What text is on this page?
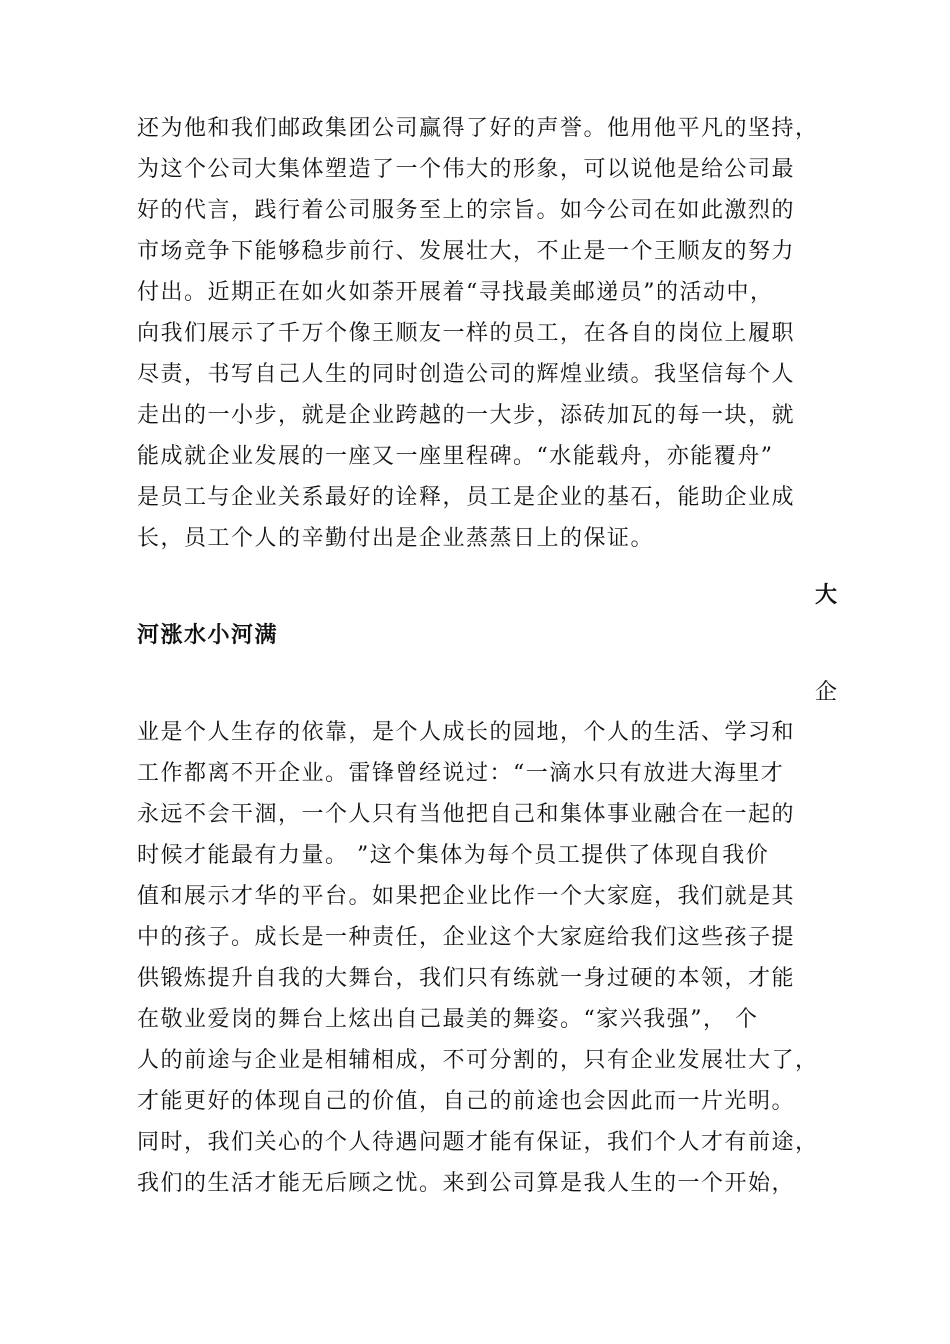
还为他和我们邮政集团公司赢得了好的声誉。他用他平凡的坚持，

为这个公司大集体塑造了一个伟大的形象，可以说他是给公司最

好的代言，践行着公司服务至上的宗旨。如今公司在如此激烈的

市场竞争下能够稳步前行、发展壮大，不止是一个王顺友的努力

付出。近期正在如火如荼开展着“寻找最美邮递员”的活动中，

向我们展示了千万个像王顺友一样的员工，在各自的岗位上履职

尽责，书写自己人生的同时创造公司的辉煌业绩。我坚信每个人

走出的一小步，就是企业跨越的一大步，添砖加瓦的每一块，就

能成就企业发展的一座又一座里程碑。“水能载舟，亦能覆舟”

是员工与企业关系最好的诠释，员工是企业的基石，能助企业成

长，员工个人的辛勤付出是企业蒸蒸日上的保证。

大

河涨水小河满

企

业是个人生存的依靠，是个人成长的园地，个人的生活、学习和

工作都离不开企业。雷锋曾经说过：“一滴水只有放进大海里才

永远不会干涸，一个人只有当他把自己和集体事业融合在一起的

时候才能最有力量。 ”这个集体为每个员工提供了体现自我价

值和展示才华的平台。如果把企业比作一个大家庭，我们就是其

中的孩子。成长是一种责任，企业这个大家庭给我们这些孩子提

供锻炼提升自我的大舞台，我们只有练就一身过硬的本领，才能

在敬业爱岗的舞台上炫出自己最美的舞姿。“家兴我强”， 个

人的前途与企业是相辅相成，不可分割的，只有企业发展壮大了，

才能更好的体现自己的价值，自己的前途也会因此而一片光明。

同时，我们关心的个人待遇问题才能有保证，我们个人才有前途，

我们的生活才能无后顾之忧。来到公司算是我人生的一个开始，
